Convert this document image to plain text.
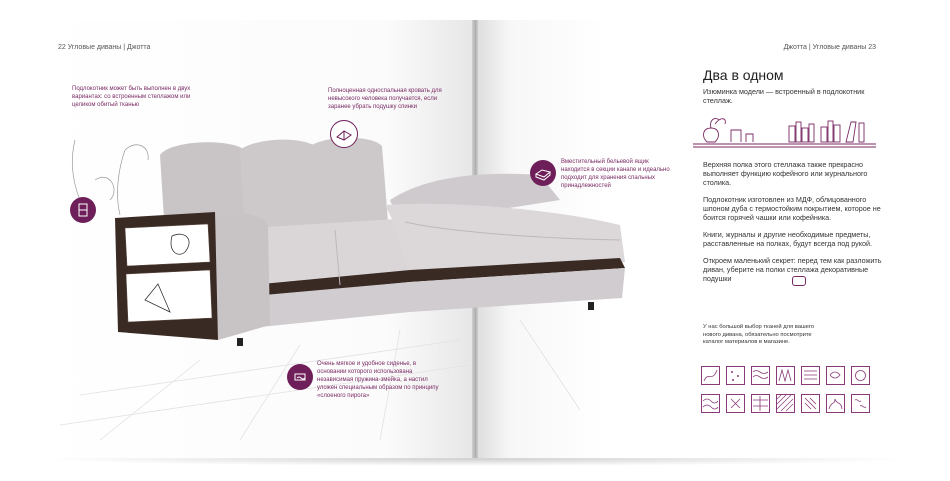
22 Угловые диваны | Джотта	Джотта | Угловые диваны 23
Два в одном
Изюминка модели — встроенный в подлокотник стеллаж.
Верхняя полка этого стеллажа также прекрасно выполняет функцию кофейного или журнального столика.
Подлокотник изготовлен из МДФ, облицованного шпоном дуба с термостойким покрытием, которое не боится горячей чашки или кофейника.
Книги, журналы и другие необходимые предметы, расставленные на полках, будут всегда под рукой.
Откроем маленький секрет: перед тем как разложить диван, уберите на полки стеллажа декоративные подушки
У нас большой выбор тканей для вашего нового дивана, обязательно посмотрите каталог материалов в магазине.
Подлокотник может быть выполнен в двух вариантах: со встроенным стеллажом или целиком обитый тканью
Полноценная односпальная кровать для невысокого человека получается, если заранее убрать подушку спинки
Вместительный бельевой ящик находится в секции канапе и идеально подходит для хранения спальных принадлежностей
Очень мягкое и удобное сиденье, в основании которого использована независимая пружина-змейка, а настил уложен специальным образом по принципу «слоеного пирога»
